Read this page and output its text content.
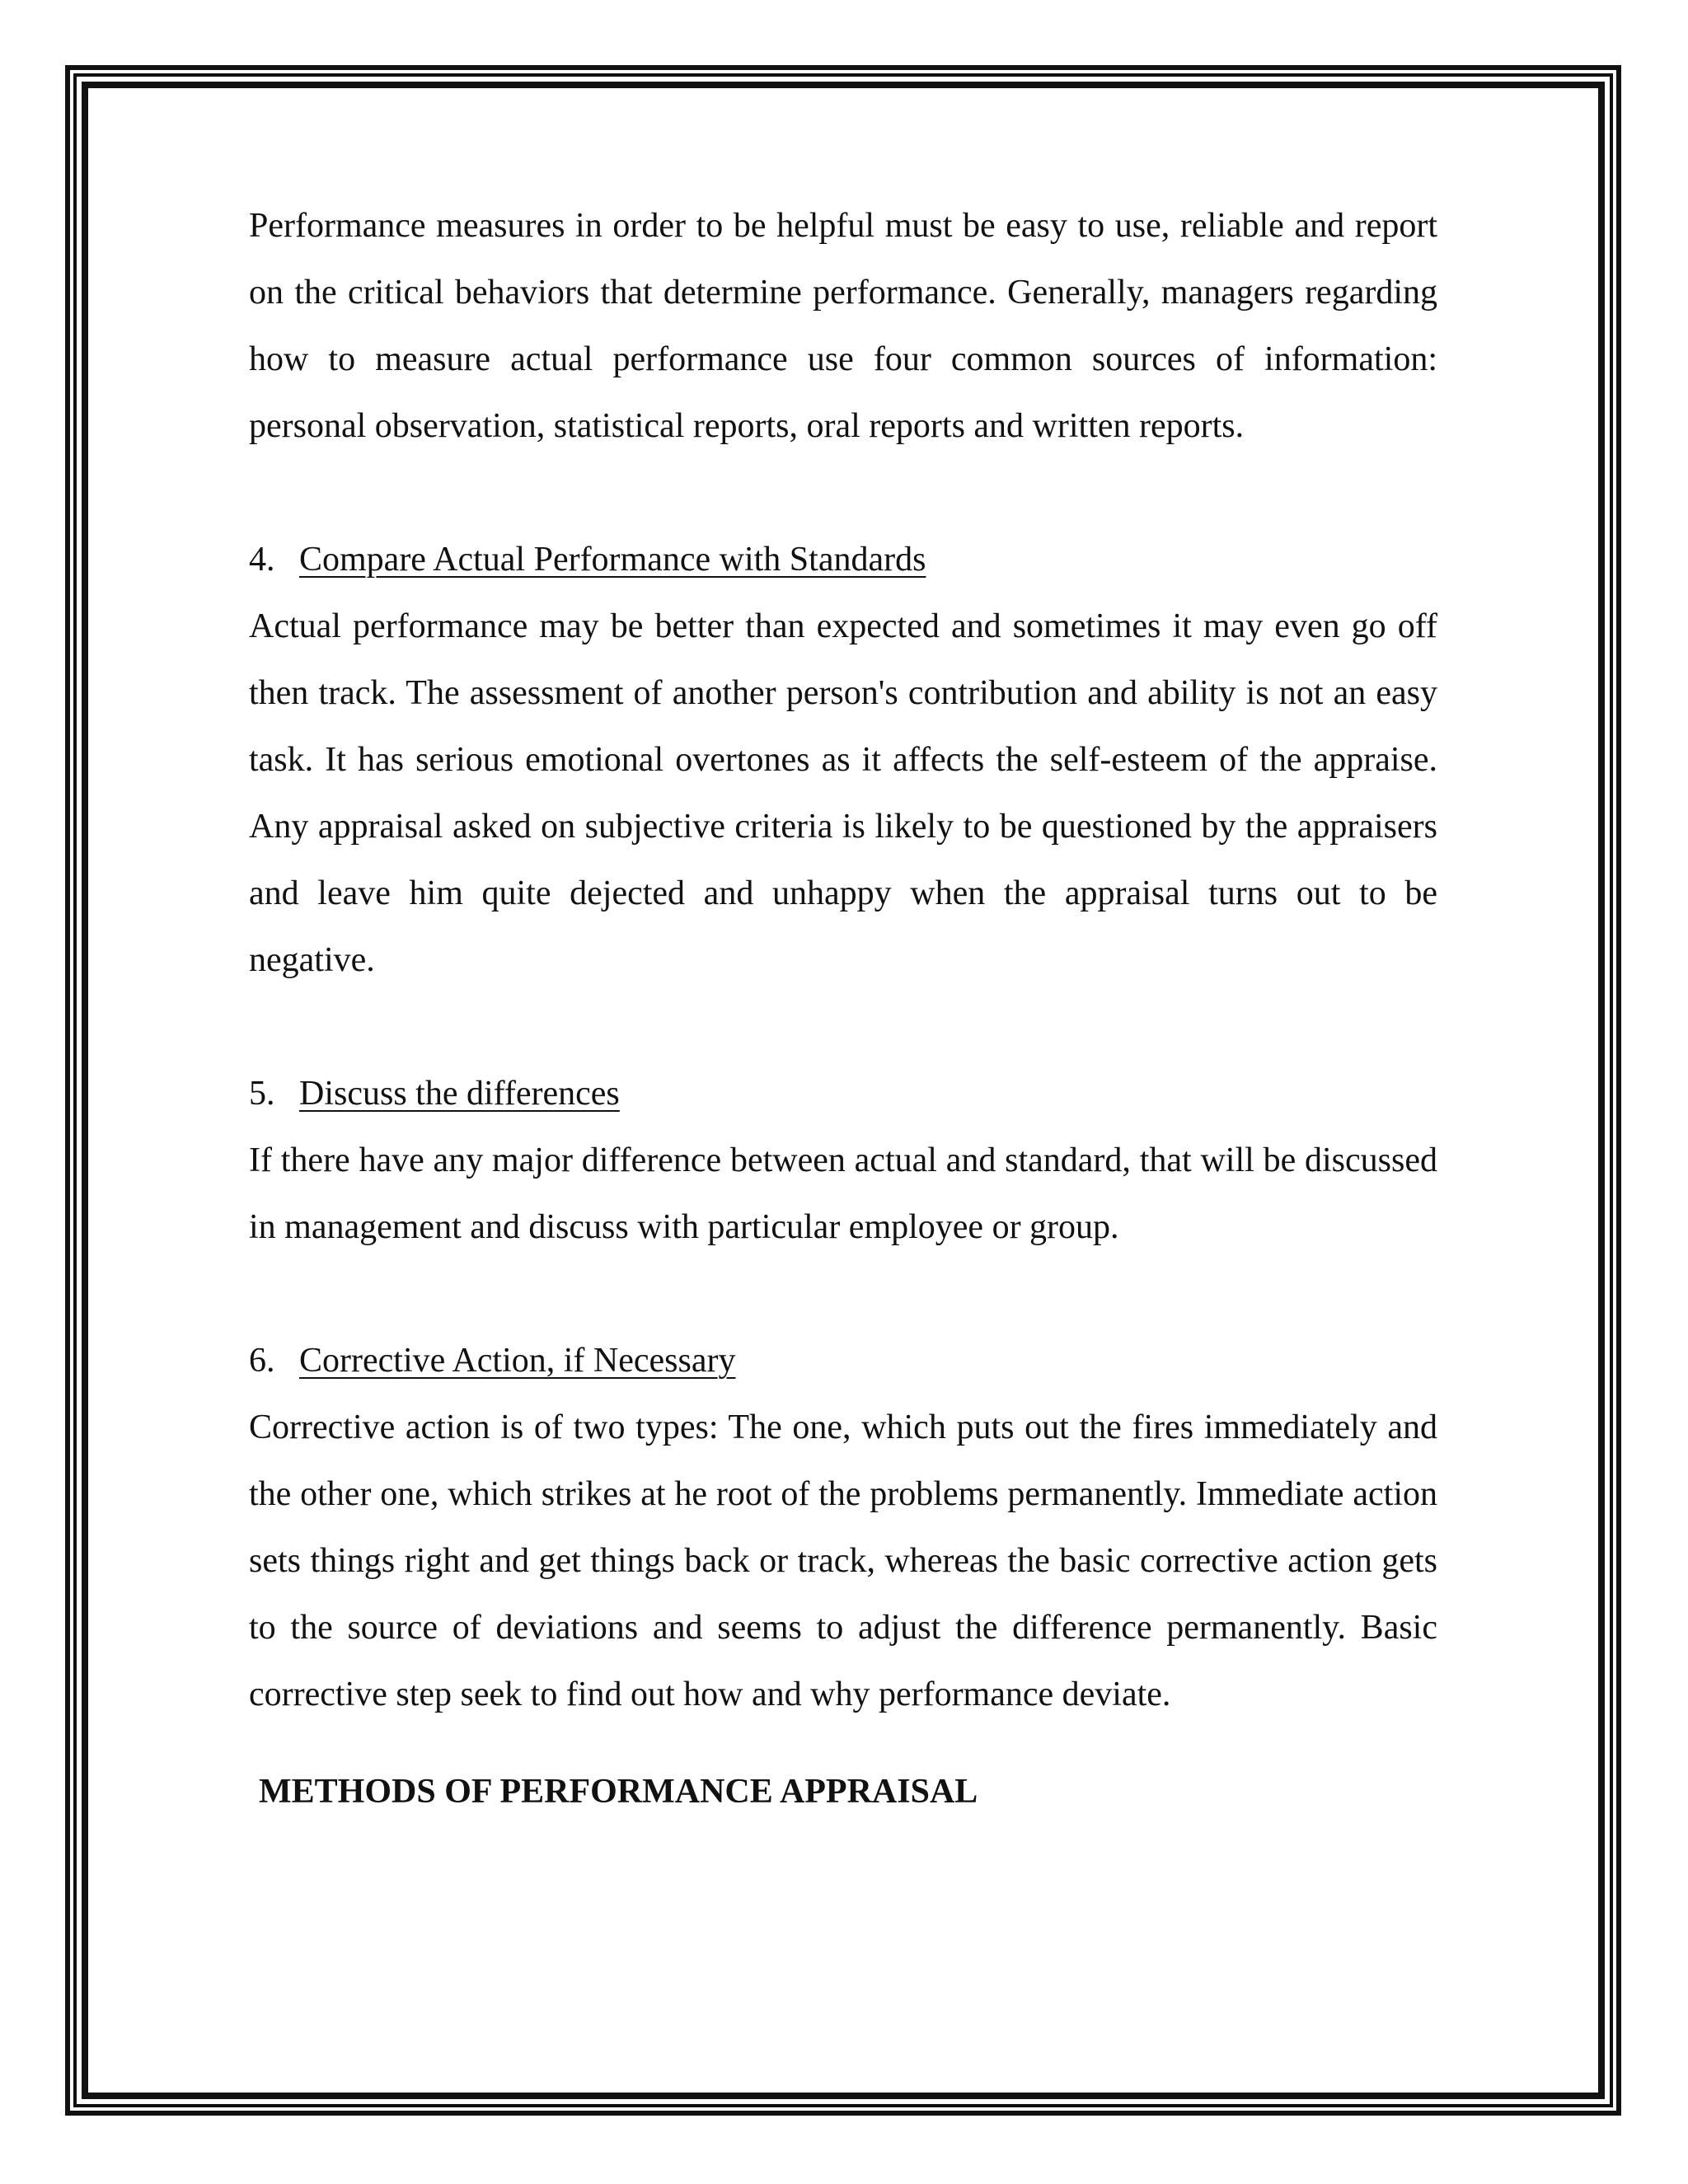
Performance measures in order to be helpful must be easy to use, reliable and report on the critical behaviors that determine performance. Generally, managers regarding how to measure actual performance use four common sources of information: personal observation, statistical reports, oral reports and written reports.

4. Compare Actual Performance with Standards

Actual performance may be better than expected and sometimes it may even go off then track. The assessment of another person's contribution and ability is not an easy task. It has serious emotional overtones as it affects the self-esteem of the appraise. Any appraisal asked on subjective criteria is likely to be questioned by the appraisers and leave him quite dejected and unhappy when the appraisal turns out to be negative.

5. Discuss the differences

If there have any major difference between actual and standard, that will be discussed in management and discuss with particular employee or group.

6. Corrective Action, if Necessary

Corrective action is of two types: The one, which puts out the fires immediately and the other one, which strikes at he root of the problems permanently. Immediate action sets things right and get things back or track, whereas the basic corrective action gets to the source of deviations and seems to adjust the difference permanently. Basic corrective step seek to find out how and why performance deviate.

METHODS OF PERFORMANCE APPRAISAL
